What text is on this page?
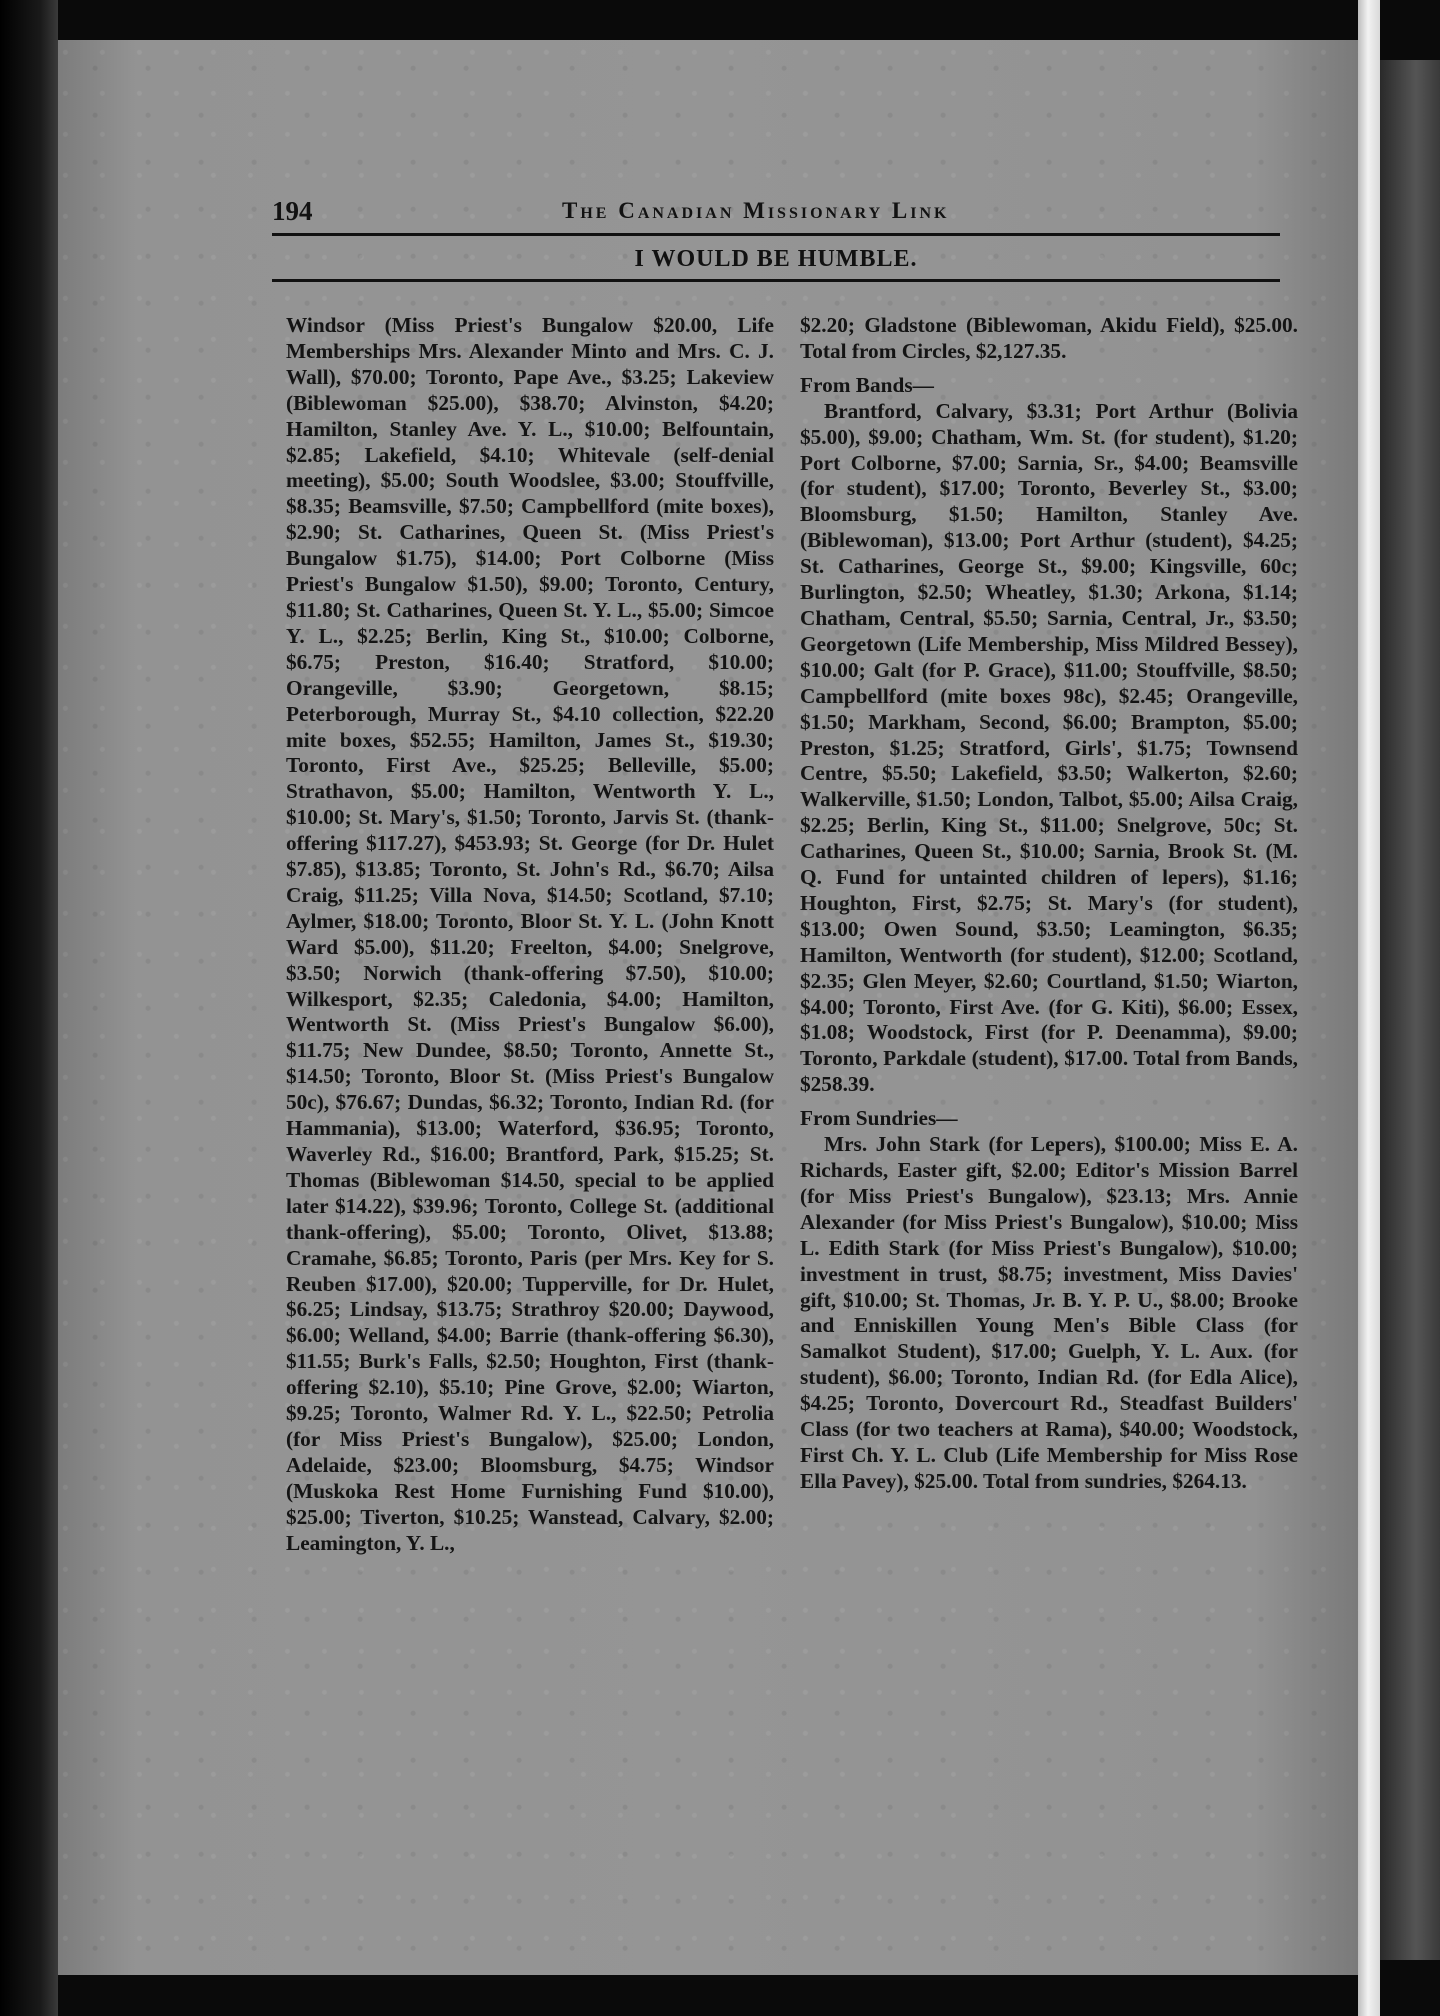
194	The Canadian Missionary Link
I WOULD BE HUMBLE.

Windsor (Miss Priest's Bungalow $20.00, Life Memberships Mrs. Alexander Minto and Mrs. C. J. Wall), $70.00; Toronto, Pape Ave., $3.25; Lakeview (Biblewoman $25.00), $38.70; Alvinston, $4.20; Hamilton, Stanley Ave. Y. L., $10.00; Belfountain, $2.85; Lakefield, $4.10; Whitevale (self-denial meeting), $5.00; South Woodslee, $3.00; Stouffville, $8.35; Beamsville, $7.50; Campbellford (mite boxes), $2.90; St. Catharines, Queen St. (Miss Priest's Bungalow $1.75), $14.00; Port Colborne (Miss Priest's Bungalow $1.50), $9.00; Toronto, Century, $11.80; St. Catharines, Queen St. Y. L., $5.00; Simcoe Y. L., $2.25; Berlin, King St., $10.00; Colborne, $6.75; Preston, $16.40; Stratford, $10.00; Orangeville, $3.90; Georgetown, $8.15; Peterborough, Murray St., $4.10 collection, $22.20 mite boxes, $52.55; Hamilton, James St., $19.30; Toronto, First Ave., $25.25; Belleville, $5.00; Strathavon, $5.00; Hamilton, Wentworth Y. L., $10.00; St. Mary's, $1.50; Toronto, Jarvis St. (thank-offering $117.27), $453.93; St. George (for Dr. Hulet $7.85), $13.85; Toronto, St. John's Rd., $6.70; Ailsa Craig, $11.25; Villa Nova, $14.50; Scotland, $7.10; Aylmer, $18.00; Toronto, Bloor St. Y. L. (John Knott Ward $5.00), $11.20; Freelton, $4.00; Snelgrove, $3.50; Norwich (thank-offering $7.50), $10.00; Wilkesport, $2.35; Caledonia, $4.00; Hamilton, Wentworth St. (Miss Priest's Bungalow $6.00), $11.75; New Dundee, $8.50; Toronto, Annette St., $14.50; Toronto, Bloor St. (Miss Priest's Bungalow 50c), $76.67; Dundas, $6.32; Toronto, Indian Rd. (for Hammania), $13.00; Waterford, $36.95; Toronto, Waverley Rd., $16.00; Brantford, Park, $15.25; St. Thomas (Biblewoman $14.50, special to be applied later $14.22), $39.96; Toronto, College St. (additional thank-offering), $5.00; Toronto, Olivet, $13.88; Cramahe, $6.85; Toronto, Paris (per Mrs. Key for S. Reuben $17.00), $20.00; Tupperville, for Dr. Hulet, $6.25; Lindsay, $13.75; Strathroy $20.00; Daywood, $6.00; Welland, $4.00; Barrie (thank-offering $6.30), $11.55; Burk's Falls, $2.50; Houghton, First (thank-offering $2.10), $5.10; Pine Grove, $2.00; Wiarton, $9.25; Toronto, Walmer Rd. Y. L., $22.50; Petrolia (for Miss Priest's Bungalow), $25.00; London, Adelaide, $23.00; Bloomsburg, $4.75; Windsor (Muskoka Rest Home Furnishing Fund $10.00), $25.00; Tiverton, $10.25; Wanstead, Calvary, $2.00; Leamington, Y. L.,

$2.20; Gladstone (Biblewoman, Akidu Field), $25.00. Total from Circles, $2,127.35.

From Bands—

Brantford, Calvary, $3.31; Port Arthur (Bolivia $5.00), $9.00; Chatham, Wm. St. (for student), $1.20; Port Colborne, $7.00; Sarnia, Sr., $4.00; Beamsville (for student), $17.00; Toronto, Beverley St., $3.00; Bloomsburg, $1.50; Hamilton, Stanley Ave. (Biblewoman), $13.00; Port Arthur (student), $4.25; St. Catharines, George St., $9.00; Kingsville, 60c; Burlington, $2.50; Wheatley, $1.30; Arkona, $1.14; Chatham, Central, $5.50; Sarnia, Central, Jr., $3.50; Georgetown (Life Membership, Miss Mildred Bessey), $10.00; Galt (for P. Grace), $11.00; Stouffville, $8.50; Campbellford (mite boxes 98c), $2.45; Orangeville, $1.50; Markham, Second, $6.00; Brampton, $5.00; Preston, $1.25; Stratford, Girls', $1.75; Townsend Centre, $5.50; Lakefield, $3.50; Walkerton, $2.60; Walkerville, $1.50; London, Talbot, $5.00; Ailsa Craig, $2.25; Berlin, King St., $11.00; Snelgrove, 50c; St. Catharines, Queen St., $10.00; Sarnia, Brook St. (M. Q. Fund for untainted children of lepers), $1.16; Houghton, First, $2.75; St. Mary's (for student), $13.00; Owen Sound, $3.50; Leamington, $6.35; Hamilton, Wentworth (for student), $12.00; Scotland, $2.35; Glen Meyer, $2.60; Courtland, $1.50; Wiarton, $4.00; Toronto, First Ave. (for G. Kiti), $6.00; Essex, $1.08; Woodstock, First (for P. Deenamma), $9.00; Toronto, Parkdale (student), $17.00. Total from Bands, $258.39.

From Sundries—

Mrs. John Stark (for Lepers), $100.00; Miss E. A. Richards, Easter gift, $2.00; Editor's Mission Barrel (for Miss Priest's Bungalow), $23.13; Mrs. Annie Alexander (for Miss Priest's Bungalow), $10.00; Miss L. Edith Stark (for Miss Priest's Bungalow), $10.00; investment in trust, $8.75; investment, Miss Davies' gift, $10.00; St. Thomas, Jr. B. Y. P. U., $8.00; Brooke and Enniskillen Young Men's Bible Class (for Samalkot Student), $17.00; Guelph, Y. L. Aux. (for student), $6.00; Toronto, Indian Rd. (for Edla Alice), $4.25; Toronto, Dovercourt Rd., Steadfast Builders' Class (for two teachers at Rama), $40.00; Woodstock, First Ch. Y. L. Club (Life Membership for Miss Rose Ella Pavey), $25.00. Total from sundries, $264.13.
